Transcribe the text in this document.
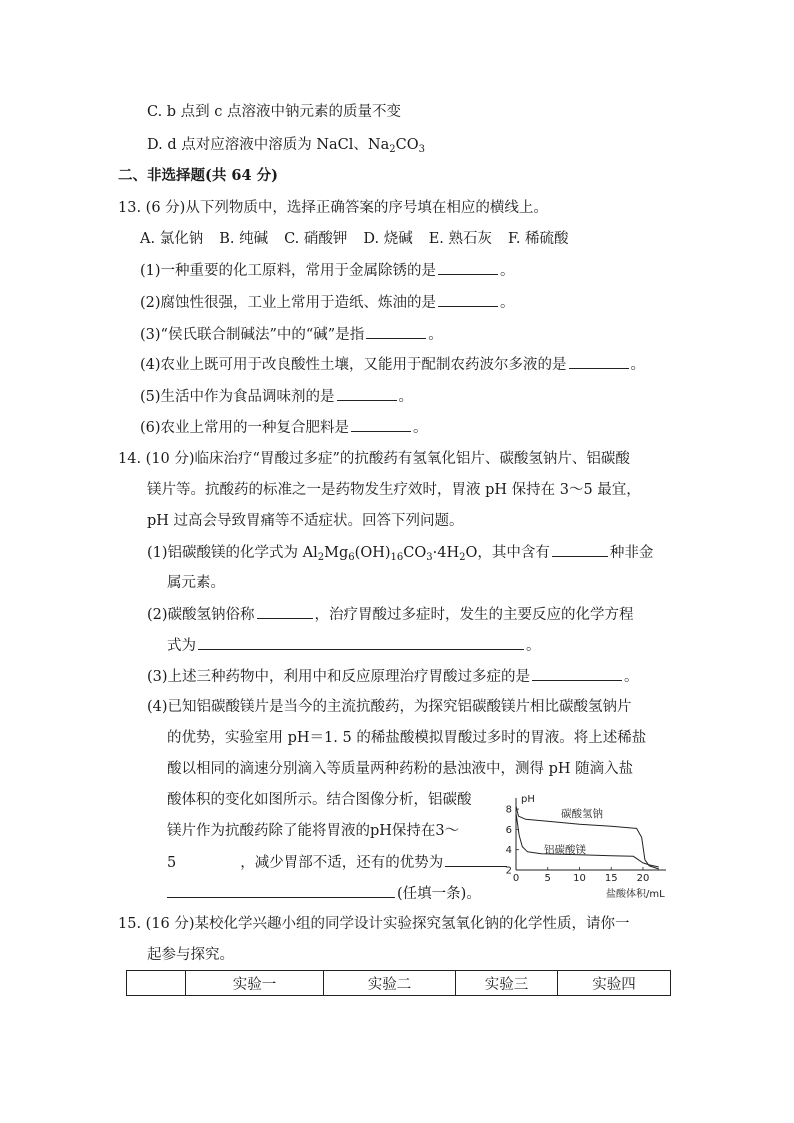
C. b 点到 c 点溶液中钠元素的质量不变
D. d 点对应溶液中溶质为 NaCl、$Na_2CO_3$
二、非选择题(共 64 分)
13. (6 分)从下列物质中，选择正确答案的序号填在相应的横线上。
A. 氯化钠 B. 纯碱 C. 硝酸钾 D. 烧碱 E. 熟石灰 F. 稀硫酸
(1)一种重要的化工原料，常用于金属除锈的是	。
(2)腐蚀性很强，工业上常用于造纸、炼油的是	。
(3)“侯氏联合制碱法”中的“碱”是指	。
(4)农业上既可用于改良酸性土壤，又能用于配制农药波尔多液的是	。
(5)生活中作为食品调味剂的是	。
(6)农业上常用的一种复合肥料是	。
14. (10 分)临床治疗“胃酸过多症”的抗酸药有氢氧化铝片、碳酸氢钠片、铝碳酸
镁片等。抗酸药的标准之一是药物发生疗效时，胃液 pH 保持在 3～5 最宜，
pH 过高会导致胃痛等不适症状。回答下列问题。
(1)铝碳酸镁的化学式为 $Al_2Mg_6(OH)_{16}CO_3\cdot 4H_2O$，其中含有	种非金
属元素。
(2)碳酸氢钠俗称	，治疗胃酸过多症时，发生的主要反应的化学方程
式为	。
(3)上述三种药物中，利用中和反应原理治疗胃酸过多症的是	。
(4)已知铝碳酸镁片是当今的主流抗酸药，为探究铝碳酸镁片相比碳酸氢钠片
的优势，实验室用 pH＝1. 5 的稀盐酸模拟胃酸过多时的胃液。将上述稀盐
酸以相同的滴速分别滴入等质量两种药粉的悬浊液中，测得 pH 随滴入盐
酸体积的变化如图所示。结合图像分析，铝碳酸
镁片作为抗酸药除了能将胃液的pH保持在3～
5	，减少胃部不适，还有的优势为
(任填一条)。
0	5 10 15 20
2
4
6
8
pH
盐酸体积/mL
碳酸氢钠
铝碳酸镁
15. (16 分)某校化学兴趣小组的同学设计实验探究氢氧化钠的化学性质，请你一
起参与探究。
	实验一	实验二	实验三	实验四
